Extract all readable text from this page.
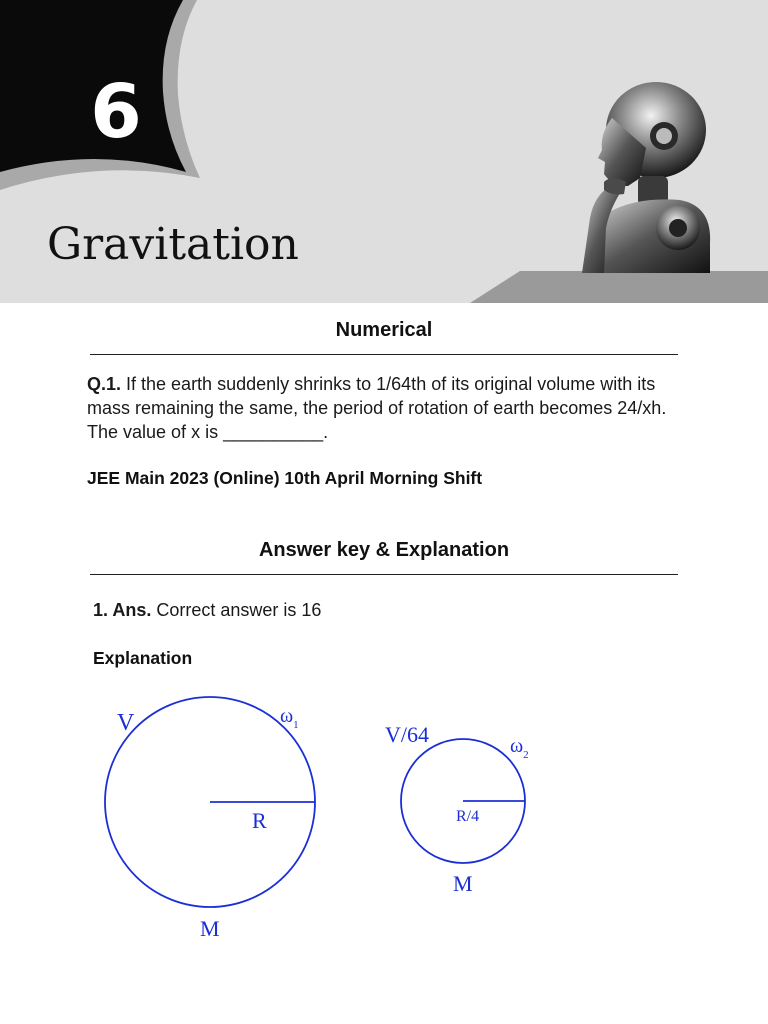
6
Gravitation
Numerical
Q.1. If the earth suddenly shrinks to 1/64th of its original volume with its mass remaining the same, the period of rotation of earth becomes 24/xh. The value of x is __________.
JEE Main 2023 (Online) 10th April Morning Shift
Answer key & Explanation
1. Ans. Correct answer is 16
Explanation
V	$\omega_1$
R
M
V/64	$\omega_2$
R/4
M
